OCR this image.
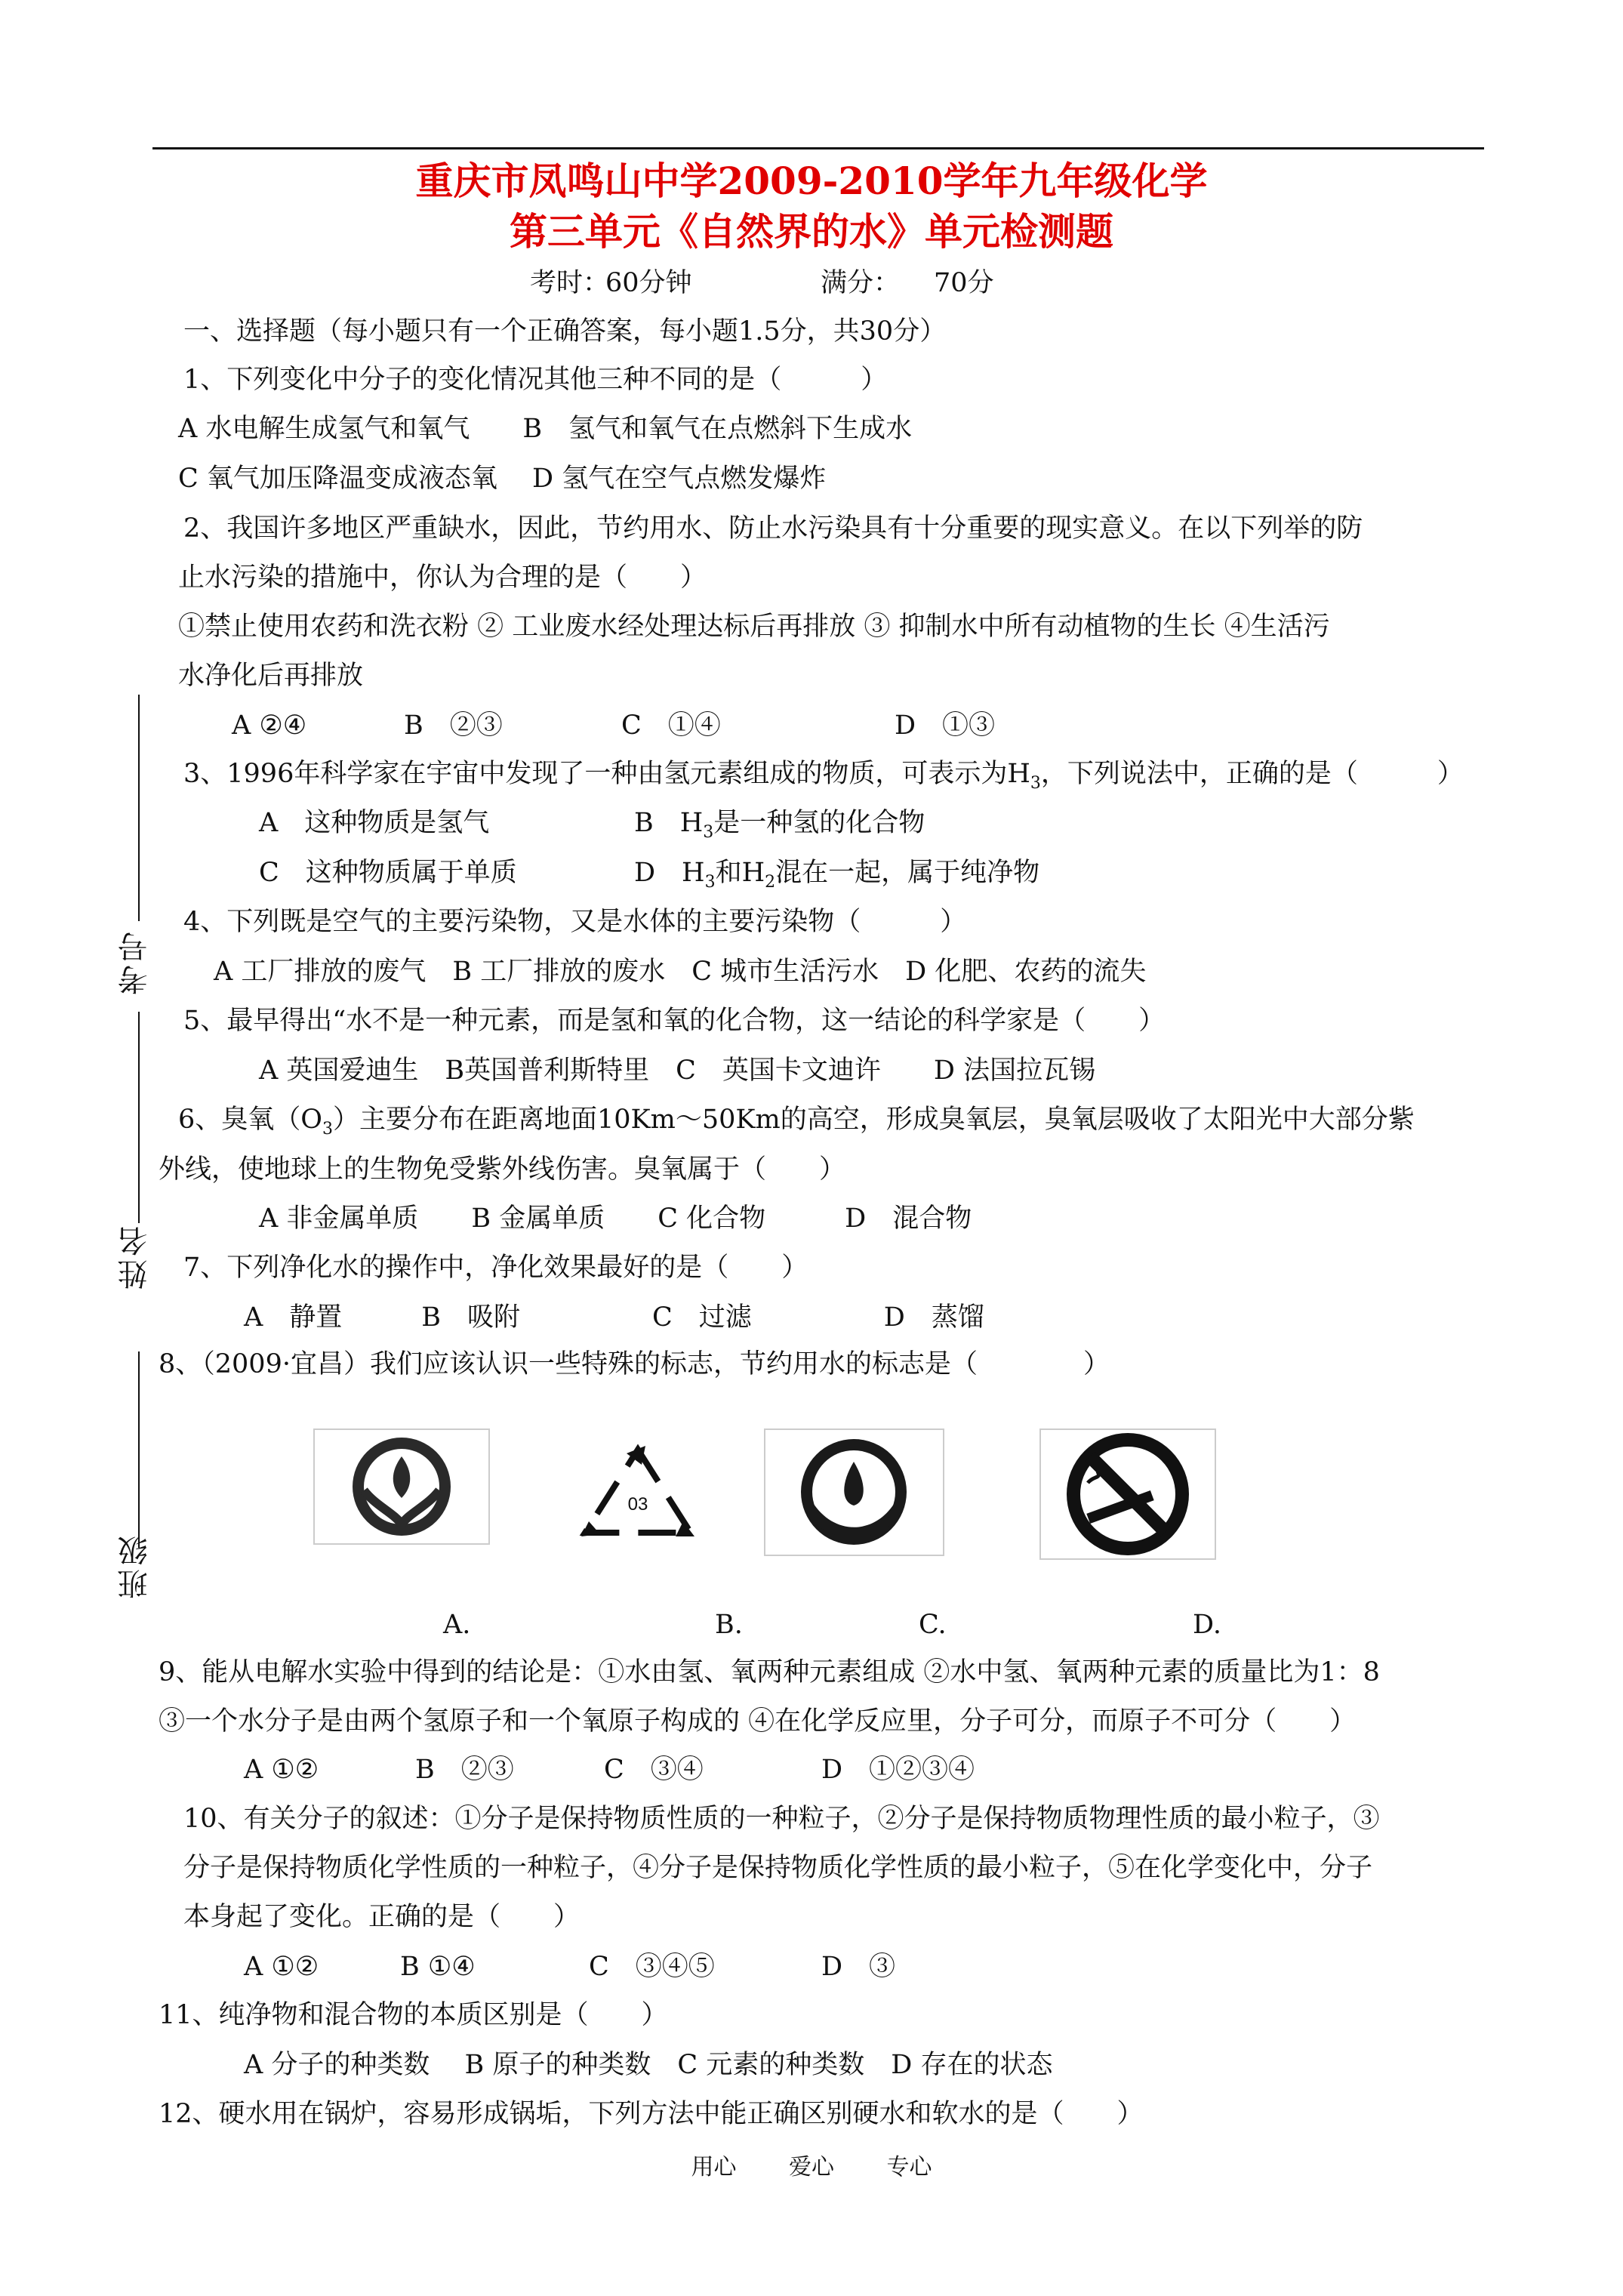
重庆市凤鸣山中学2009-2010学年九年级化学
第三单元《自然界的水》单元检测题
考时：
60分钟	满分： 70分
考号
姓名
班级
一、选择题（每小题只有一个正确答案，每小题1.5分，共30分）
1、下列变化中分子的变化情况其他三种不同的是（　　　）
A 水电解生成氢气和氧气　　B　氢气和氧气在点燃斜下生成水
C 氧气加压降温变成液态氧　 D 氢气在空气点燃发爆炸
2、我国许多地区严重缺水，因此，节约用水、防止水污染具有十分重要的现实意义。在以下列举的防
止水污染的措施中，你认为合理的是（　　）
①禁止使用农药和洗衣粉 ② 工业废水经处理达标后再排放 ③ 抑制水中所有动植物的生长 ④生活污
水净化后再排放
A ②④	B　②③	C　①④	D　①③
3、1996年科学家在宇宙中发现了一种由氢元素组成的物质，可表示为$H_3$，下列说法中，正确的是（　　　）
A　这种物质是氢气	B　$H_3$是一种氢的化合物
C　这种物质属于单质	D　$H_3$和$H_2$混在一起，属于纯净物
4、下列既是空气的主要污染物，又是水体的主要污染物（　　　）
A 工厂排放的废气　B 工厂排放的废水　C 城市生活污水　D 化肥、农药的流失
5、最早得出“水不是一种元素，而是氢和氧的化合物，这一结论的科学家是（　　）
A 英国爱迪生　B英国普利斯特里　C　英国卡文迪许　　D 法国拉瓦锡
6、臭氧$(O_3)$主要分布在距离地面10Km～50Km的高空，形成臭氧层，臭氧层吸收了太阳光中大部分紫
外线，使地球上的生物免受紫外线伤害。臭氧属于（　　）
A 非金属单质　　B 金属单质　　C 化合物　　　D　混合物
7、下列净化水的操作中，净化效果最好的是（　　）
A　静置　　　B　吸附　　　　　C　过滤　　　　　D　蒸馏
8、（2009·宜昌）我们应该认识一些特殊的标志，节约用水的标志是（　　　　）
03
A.	B.	C.	D.
9、能从电解水实验中得到的结论是：①水由氢、氧两种元素组成 ②水中氢、氧两种元素的质量比为1：8
③一个水分子是由两个氢原子和一个氧原子构成的 ④在化学反应里，分子可分，而原子不可分（　　）
A ①②	B　②③	C　③④	D　①②③④
10、有关分子的叙述：①分子是保持物质性质的一种粒子，②分子是保持物质物理性质的最小粒子，③
分子是保持物质化学性质的一种粒子，④分子是保持物质化学性质的最小粒子，⑤在化学变化中，分子
本身起了变化。正确的是（　　）
A ①②	B ①④	C　③④⑤	D　③
11、纯净物和混合物的本质区别是（　　）
A 分子的种类数　 B 原子的种类数　C 元素的种类数　D 存在的状态
12、硬水用在锅炉，容易形成锅垢，下列方法中能正确区别硬水和软水的是（　　）
用心 爱心 专心
